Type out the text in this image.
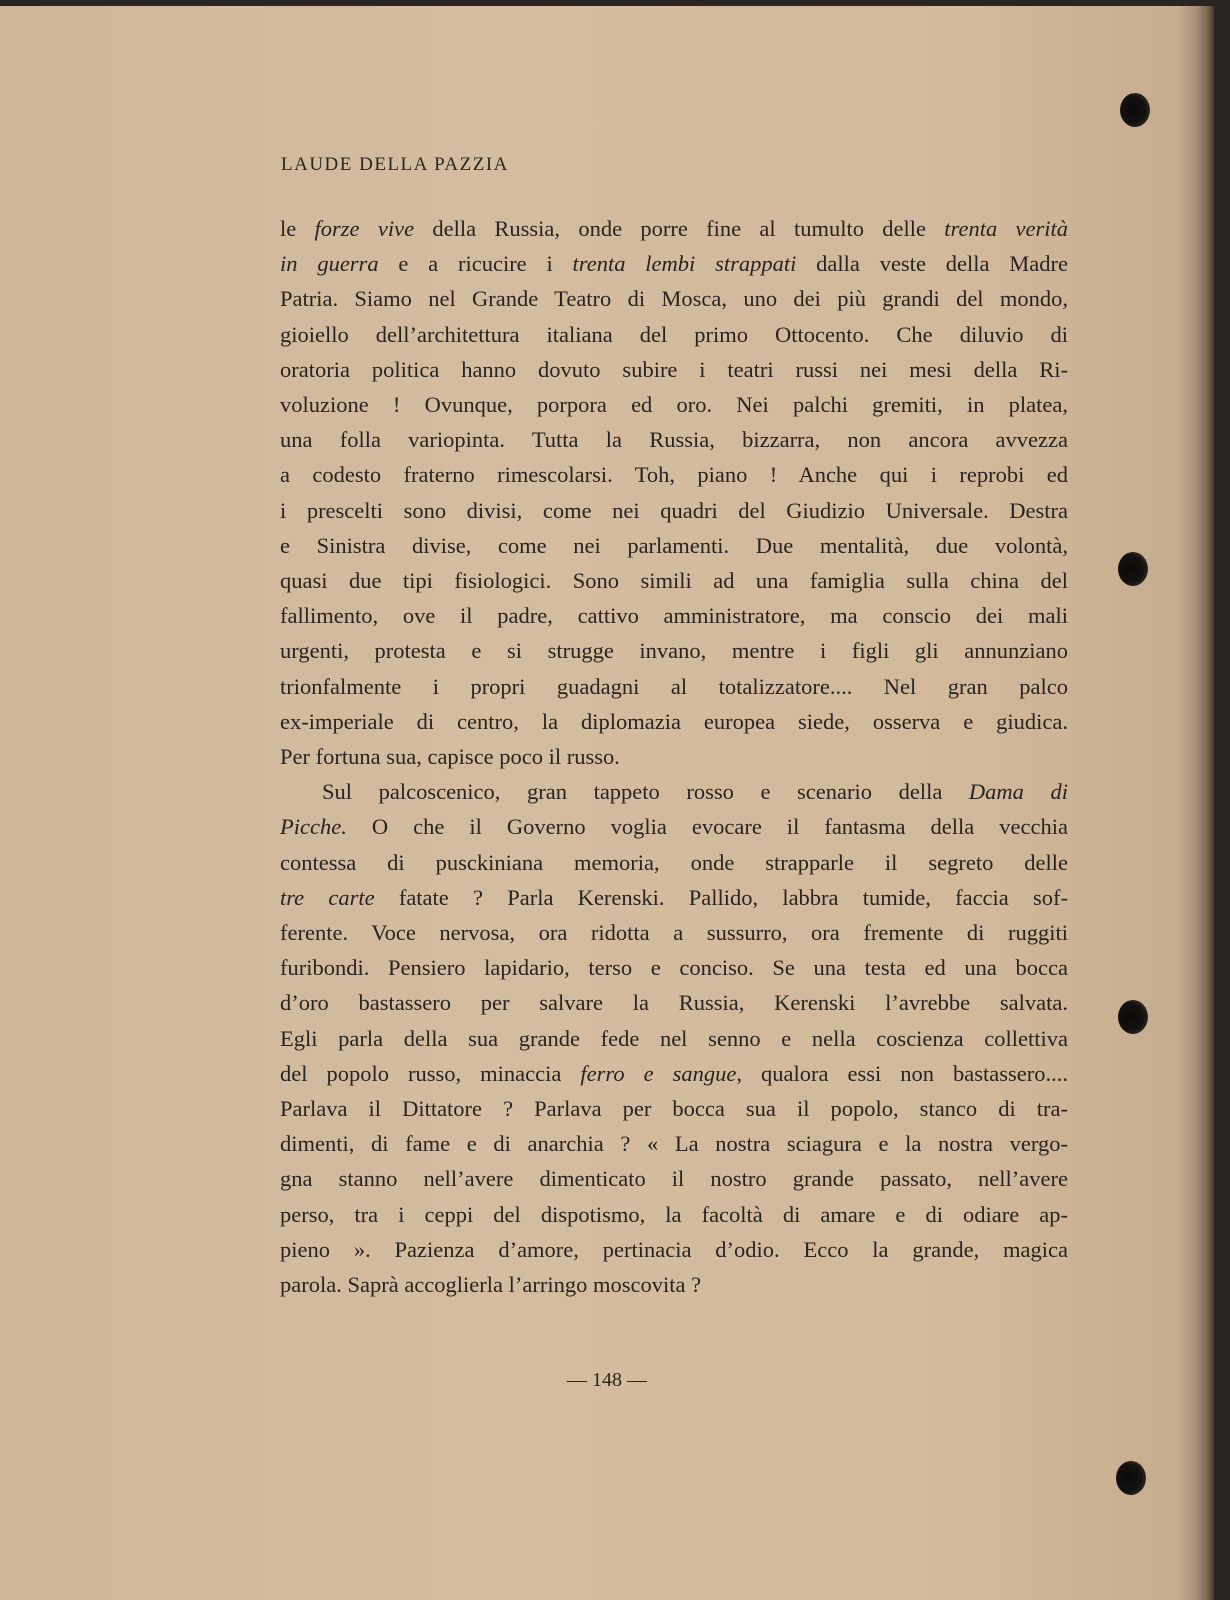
LAUDE DELLA PAZZIA
le forze vive della Russia, onde porre fine al tumulto delle trenta verità
in guerra e a ricucire i trenta lembi strappati dalla veste della Madre
Patria. Siamo nel Grande Teatro di Mosca, uno dei più grandi del mondo,
gioiello dell’architettura italiana del primo Ottocento. Che diluvio di
oratoria politica hanno dovuto subire i teatri russi nei mesi della Ri-
voluzione ! Ovunque, porpora ed oro. Nei palchi gremiti, in platea,
una folla variopinta. Tutta la Russia, bizzarra, non ancora avvezza
a codesto fraterno rimescolarsi. Toh, piano ! Anche qui i reprobi ed
i prescelti sono divisi, come nei quadri del Giudizio Universale. Destra
e Sinistra divise, come nei parlamenti. Due mentalità, due volontà,
quasi due tipi fisiologici. Sono simili ad una famiglia sulla china del
fallimento, ove il padre, cattivo amministratore, ma conscio dei mali
urgenti, protesta e si strugge invano, mentre i figli gli annunziano
trionfalmente i propri guadagni al totalizzatore.... Nel gran palco
ex-imperiale di centro, la diplomazia europea siede, osserva e giudica.
Per fortuna sua, capisce poco il russo.
Sul palcoscenico, gran tappeto rosso e scenario della Dama di
Picche. O che il Governo voglia evocare il fantasma della vecchia
contessa di pusckiniana memoria, onde strapparle il segreto delle
tre carte fatate ? Parla Kerenski. Pallido, labbra tumide, faccia sof-
ferente. Voce nervosa, ora ridotta a sussurro, ora fremente di ruggiti
furibondi. Pensiero lapidario, terso e conciso. Se una testa ed una bocca
d’oro bastassero per salvare la Russia, Kerenski l’avrebbe salvata.
Egli parla della sua grande fede nel senno e nella coscienza collettiva
del popolo russo, minaccia ferro e sangue, qualora essi non bastassero....
Parlava il Dittatore ? Parlava per bocca sua il popolo, stanco di tra-
dimenti, di fame e di anarchia ? « La nostra sciagura e la nostra vergo-
gna stanno nell’avere dimenticato il nostro grande passato, nell’avere
perso, tra i ceppi del dispotismo, la facoltà di amare e di odiare ap-
pieno ». Pazienza d’amore, pertinacia d’odio. Ecco la grande, magica
parola. Saprà accoglierla l’arringo moscovita ?
— 148 —
